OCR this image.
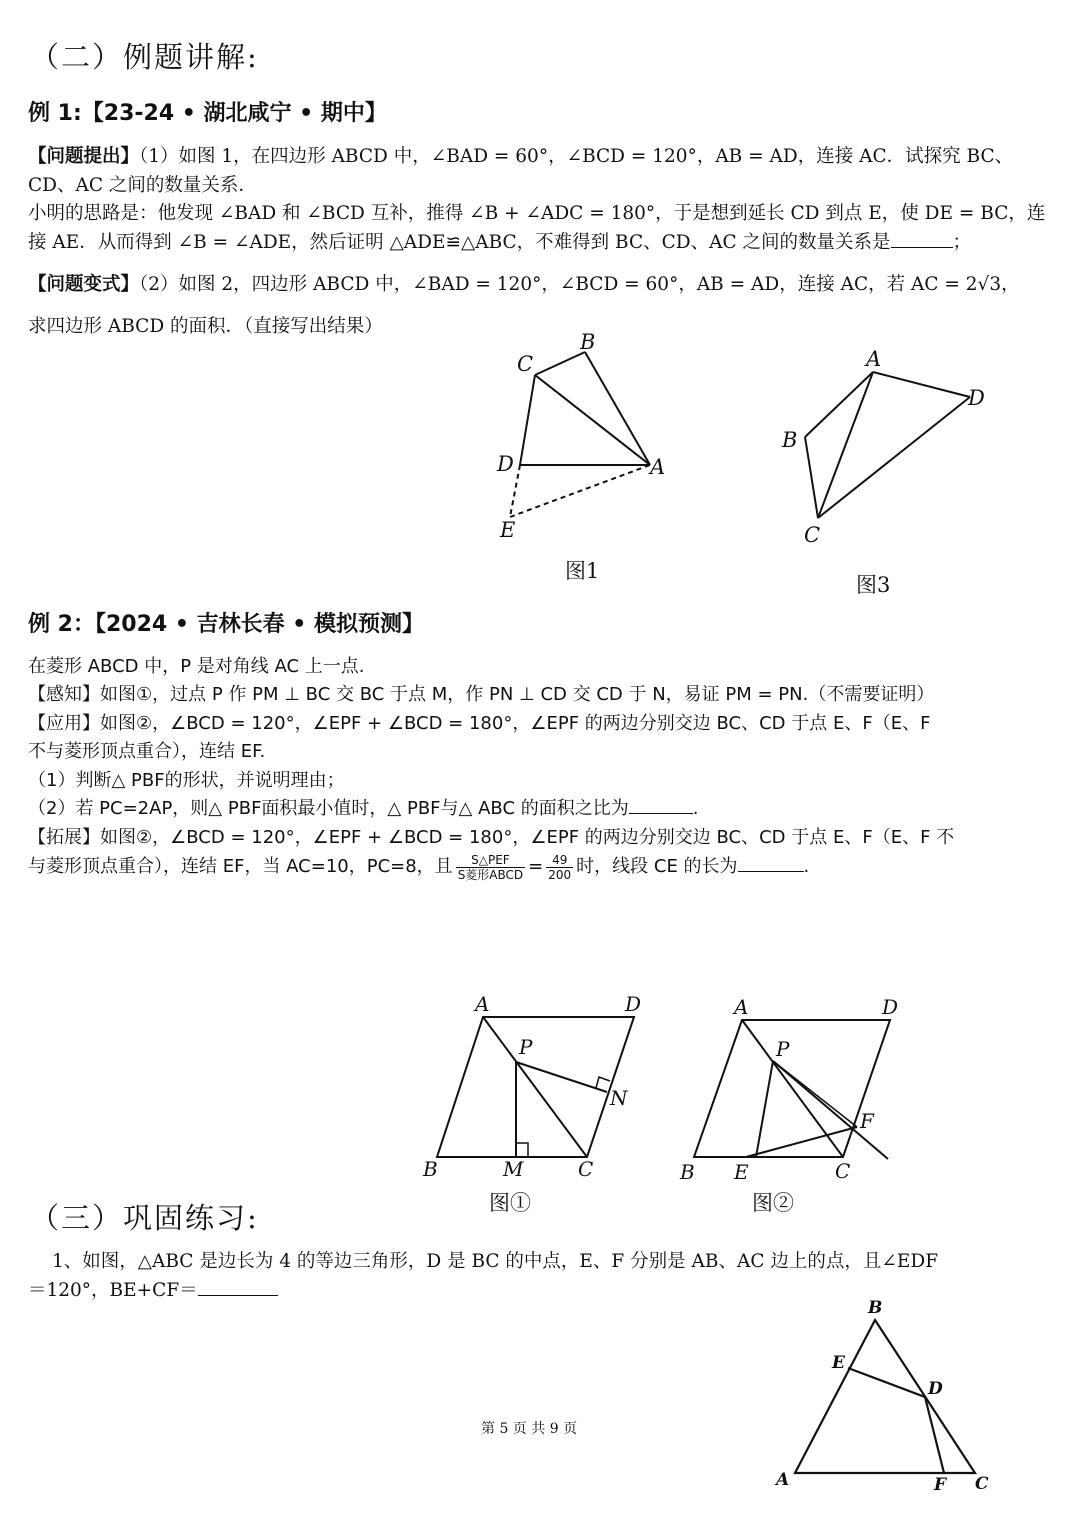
（二）例题讲解:
例 1:【23-24 • 湖北咸宁 • 期中】
【问题提出】（1）如图 1，在四边形 ABCD 中，∠BAD = 60°，∠BCD = 120°，AB = AD，连接 AC．试探究 BC、
CD、AC 之间的数量关系．
小明的思路是：他发现 ∠BAD 和 ∠BCD 互补，推得 ∠B + ∠ADC = 180°，于是想到延长 CD 到点 E，使 DE = BC，连
接 AE．从而得到 ∠B = ∠ADE，然后证明 △ADE≌△ABC，不难得到 BC、CD、AC 之间的数量关系是	；
【问题变式】（2）如图 2，四边形 ABCD 中，∠BAD = 120°，∠BCD = 60°，AB = AD，连接 AC，若 AC = 2√3，
求四边形 ABCD 的面积．（直接写出结果）
C
B
D	A
E
图1
A
D
B
C
图3
例 2：【2024 • 吉林长春 • 模拟预测】
在菱形 ABCD 中，P 是对角线 AC 上一点.
【感知】如图①，过点 P 作 PM ⊥ BC 交 BC 于点 M，作 PN ⊥ CD 交 CD 于 N，易证 PM = PN.（不需要证明）
【应用】如图②，∠BCD = 120°，∠EPF + ∠BCD = 180°，∠EPF 的两边分别交边 BC、CD 于点 E、F（E、F
不与菱形顶点重合），连结 EF.
（1）判断△ PBF的形状，并说明理由；
（2）若 PC=2AP，则△ PBF面积最小值时，△ PBF与△ ABC 的面积之比为	.
【拓展】如图②，∠BCD = 120°，∠EPF + ∠BCD = 180°，∠EPF 的两边分别交边 BC、CD 于点 E、F（E、F 不
与菱形顶点重合），连结 EF，当 AC=10，PC=8，且 $\frac{\text{S△PEF}}{\text{S菱形ABCD}} = \frac{49}{200}$ 时，线段 CE 的长为	.
A	D
P
N
B	M	C
图①
A	D
P
F
B E	C
图②
（三）巩固练习:
1、如图，△ABC 是边长为 4 的等边三角形，D 是 BC 的中点，E、F 分别是 AB、AC 边上的点，且∠EDF
＝120°，BE+CF＝
B
E
D
A	F C
第 5 页 共 9 页
